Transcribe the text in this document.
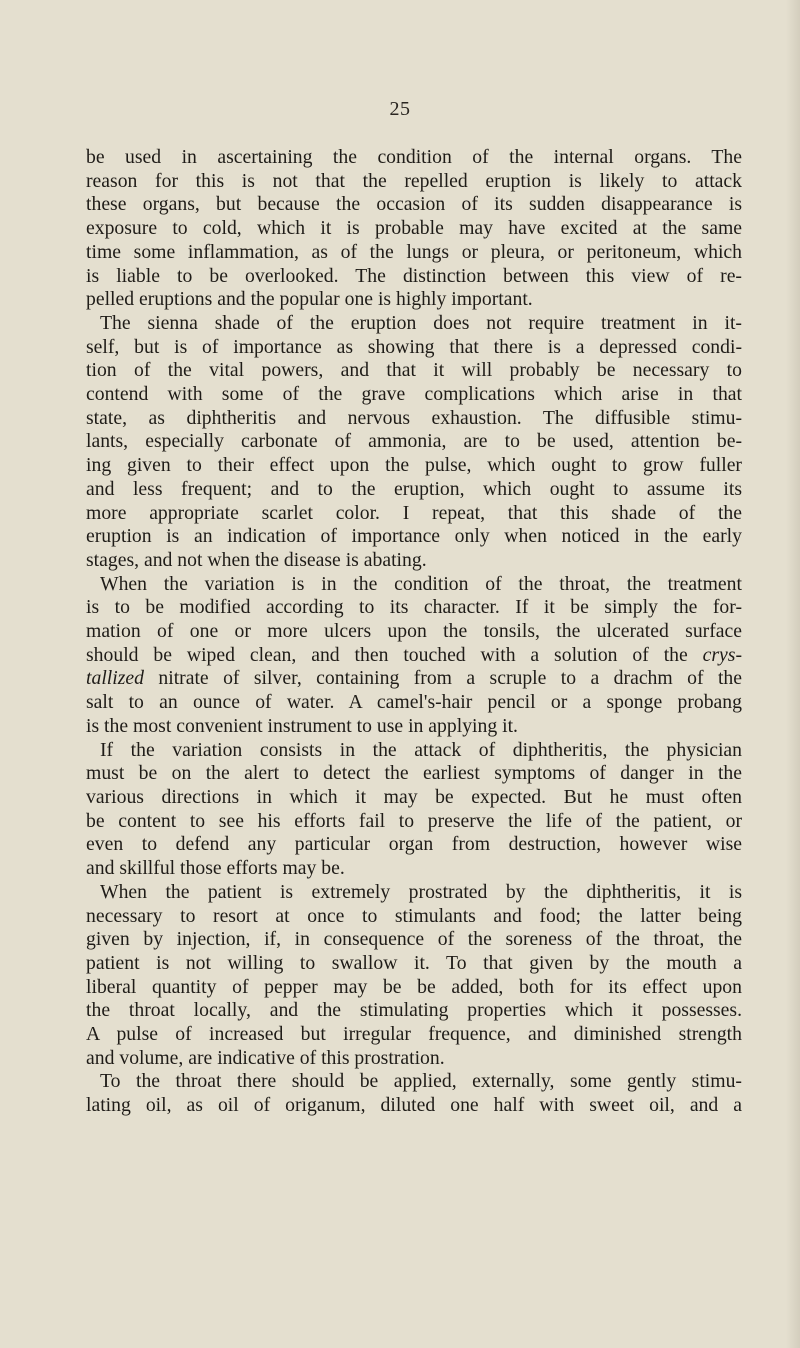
25
be used in ascertaining the condition of the internal organs. The
reason for this is not that the repelled eruption is likely to attack
these organs, but because the occasion of its sudden disappearance is
exposure to cold, which it is probable may have excited at the same
time some inflammation, as of the lungs or pleura, or peritoneum, which
is liable to be overlooked. The distinction between this view of re-
pelled eruptions and the popular one is highly important.
The sienna shade of the eruption does not require treatment in it-
self, but is of importance as showing that there is a depressed condi-
tion of the vital powers, and that it will probably be necessary to
contend with some of the grave complications which arise in that
state, as diphtheritis and nervous exhaustion. The diffusible stimu-
lants, especially carbonate of ammonia, are to be used, attention be-
ing given to their effect upon the pulse, which ought to grow fuller
and less frequent; and to the eruption, which ought to assume its
more appropriate scarlet color. I repeat, that this shade of the
eruption is an indication of importance only when noticed in the early
stages, and not when the disease is abating.
When the variation is in the condition of the throat, the treatment
is to be modified according to its character. If it be simply the for-
mation of one or more ulcers upon the tonsils, the ulcerated surface
should be wiped clean, and then touched with a solution of the crys-
tallized nitrate of silver, containing from a scruple to a drachm of the
salt to an ounce of water. A camel's-hair pencil or a sponge probang
is the most convenient instrument to use in applying it.
If the variation consists in the attack of diphtheritis, the physician
must be on the alert to detect the earliest symptoms of danger in the
various directions in which it may be expected. But he must often
be content to see his efforts fail to preserve the life of the patient, or
even to defend any particular organ from destruction, however wise
and skillful those efforts may be.
When the patient is extremely prostrated by the diphtheritis, it is
necessary to resort at once to stimulants and food; the latter being
given by injection, if, in consequence of the soreness of the throat, the
patient is not willing to swallow it. To that given by the mouth a
liberal quantity of pepper may be be added, both for its effect upon
the throat locally, and the stimulating properties which it possesses.
A pulse of increased but irregular frequence, and diminished strength
and volume, are indicative of this prostration.
To the throat there should be applied, externally, some gently stimu-
lating oil, as oil of origanum, diluted one half with sweet oil, and a
